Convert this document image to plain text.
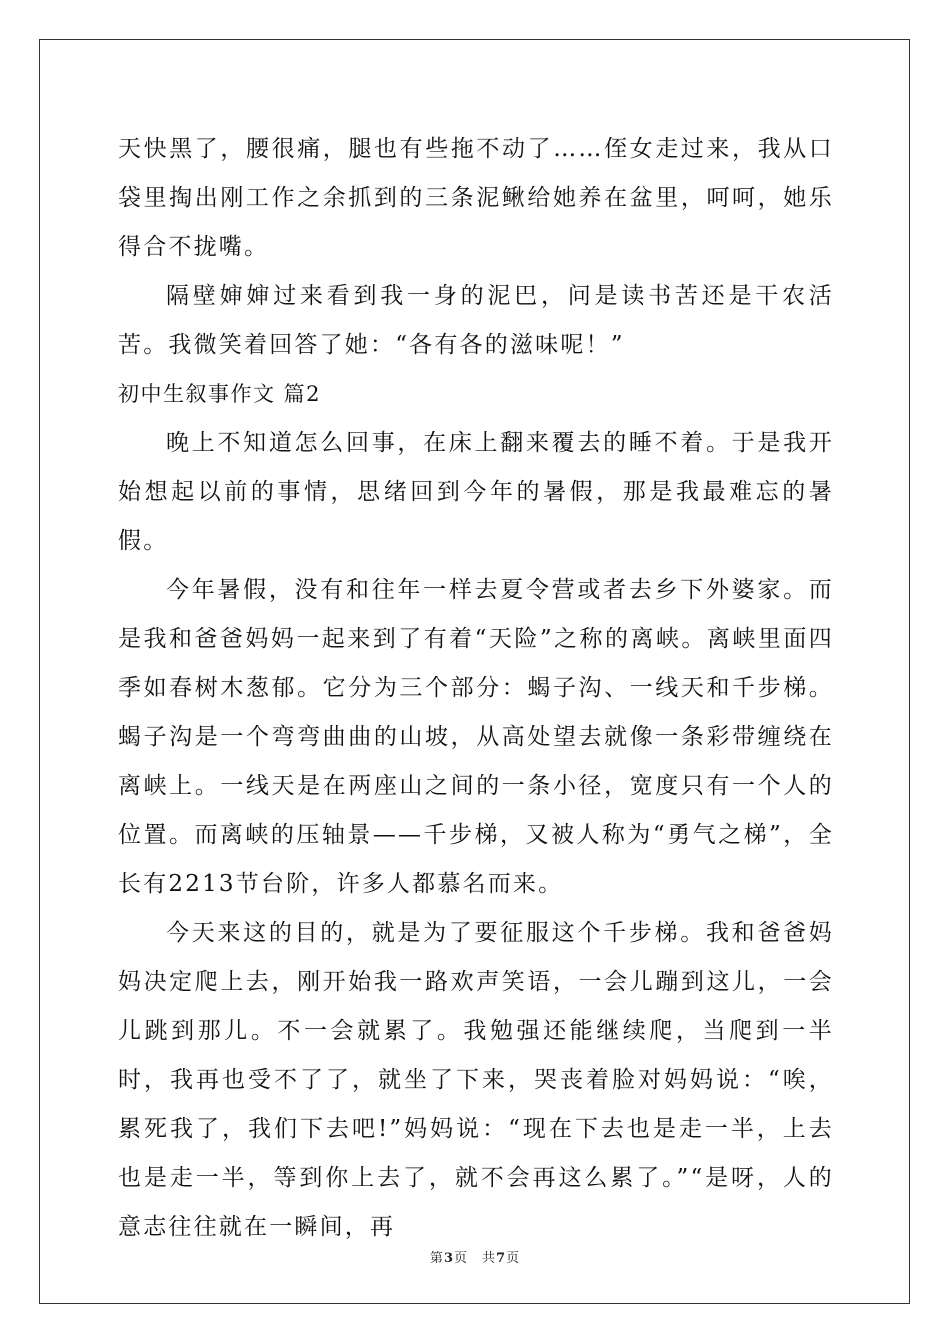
天快黑了，腰很痛，腿也有些拖不动了……侄女走过来，我从口袋里掏出刚工作之余抓到的三条泥鳅给她养在盆里，呵呵，她乐得合不拢嘴。

隔壁婶婶过来看到我一身的泥巴，问是读书苦还是干农活苦。我微笑着回答了她：“各有各的滋味呢！”

初中生叙事作文 篇2

晚上不知道怎么回事，在床上翻来覆去的睡不着。于是我开始想起以前的事情，思绪回到今年的暑假，那是我最难忘的暑假。

今年暑假，没有和往年一样去夏令营或者去乡下外婆家。而是我和爸爸妈妈一起来到了有着“天险”之称的离峡。离峡里面四季如春树木葱郁。它分为三个部分：蝎子沟、一线天和千步梯。蝎子沟是一个弯弯曲曲的山坡，从高处望去就像一条彩带缠绕在离峡上。一线天是在两座山之间的一条小径，宽度只有一个人的位置。而离峡的压轴景——千步梯，又被人称为“勇气之梯”，全长有2213节台阶，许多人都慕名而来。

今天来这的目的，就是为了要征服这个千步梯。我和爸爸妈妈决定爬上去，刚开始我一路欢声笑语，一会儿蹦到这儿，一会儿跳到那儿。不一会就累了。我勉强还能继续爬，当爬到一半时，我再也受不了了，就坐了下来，哭丧着脸对妈妈说：“唉，累死我了，我们下去吧!”妈妈说：“现在下去也是走一半，上去也是走一半，等到你上去了，就不会再这么累了。”“是呀，人的意志往往就在一瞬间，再

第3页 共7页
